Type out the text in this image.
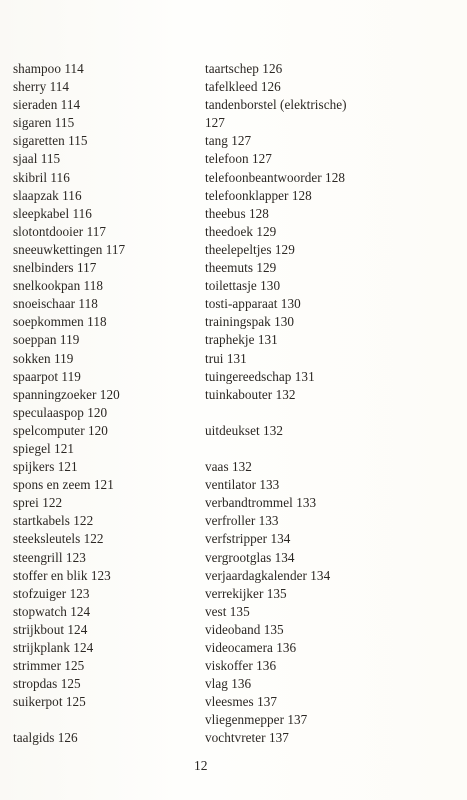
shampoo 114
sherry 114
sieraden 114
sigaren 115
sigaretten 115
sjaal 115
skibril 116
slaapzak 116
sleepkabel 116
slotontdooier 117
sneeuwkettingen 117
snelbinders 117
snelkookpan 118
snoeischaar 118
soepkommen 118
soeppan 119
sokken 119
spaarpot 119
spanningzoeker 120
speculaaspop 120
spelcomputer 120
spiegel 121
spijkers 121
spons en zeem 121
sprei 122
startkabels 122
steeksleutels 122
steengrill 123
stoffer en blik 123
stofzuiger 123
stopwatch 124
strijkbout 124
strijkplank 124
strimmer 125
stropdas 125
suikerpot 125
taalgids 126
taartschep 126
tafelkleed 126
tandenborstel (elektrische)
127
tang 127
telefoon 127
telefoonbeantwoorder 128
telefoonklapper 128
theebus 128
theedoek 129
theelepeltjes 129
theemuts 129
toilettasje 130
tosti-apparaat 130
trainingspak 130
traphekje 131
trui 131
tuingereedschap 131
tuinkabouter 132
uitdeukset 132
vaas 132
ventilator 133
verbandtrommel 133
verfroller 133
verfstripper 134
vergrootglas 134
verjaardagkalender 134
verrekijker 135
vest 135
videoband 135
videocamera 136
viskoffer 136
vlag 136
vleesmes 137
vliegenmepper 137
vochtvreter 137
12
